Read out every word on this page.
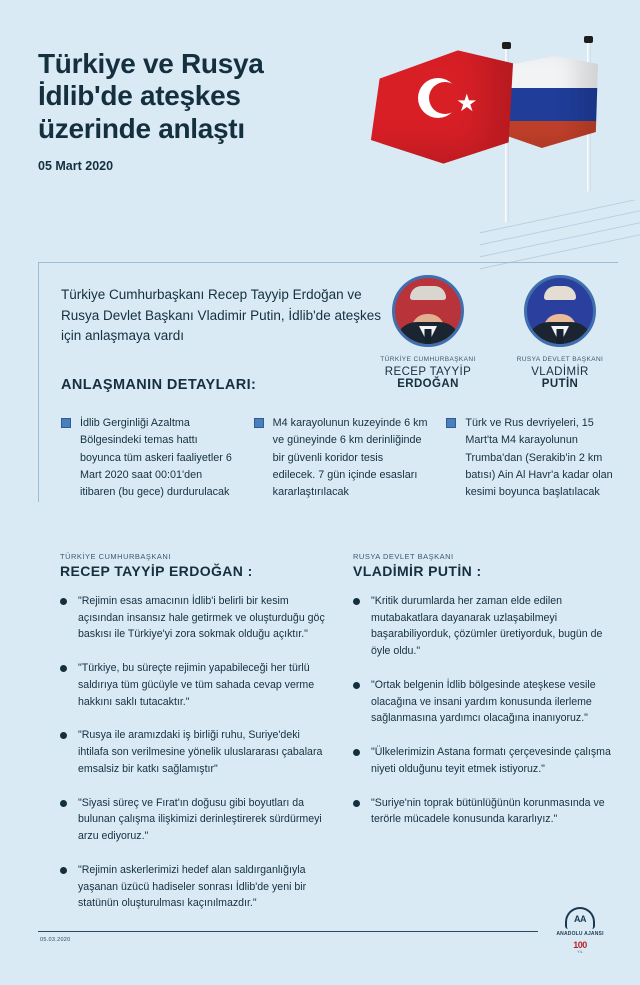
Türkiye ve Rusya
İdlib'de ateşkes
üzerinde anlaştı
05 Mart 2020
Türkiye Cumhurbaşkanı Recep Tayyip Erdoğan ve Rusya Devlet Başkanı Vladimir Putin, İdlib'de ateşkes için anlaşmaya vardı
TÜRKİYE CUMHURBAŞKANI
RECEP TAYYİP
ERDOĞAN
RUSYA DEVLET BAŞKANI
VLADİMİR
PUTİN
ANLAŞMANIN DETAYLARI:
İdlib Gerginliği Azaltma Bölgesindeki temas hattı boyunca tüm askeri faaliyetler 6 Mart 2020 saat 00:01'den itibaren (bu gece) durdurulacak
M4 karayolunun kuzeyinde 6 km ve güneyinde 6 km derinliğinde bir güvenli koridor tesis edilecek. 7 gün içinde esasları kararlaştırılacak
Türk ve Rus devriyeleri, 15 Mart'ta M4 karayolunun Trumba'dan (Serakib'in 2 km batısı) Ain Al Havr'a kadar olan kesimi boyunca başlatılacak
TÜRKİYE CUMHURBAŞKANI
RECEP TAYYİP ERDOĞAN :
"Rejimin esas amacının İdlib'i belirli bir kesim açısından insansız hale getirmek ve oluşturduğu göç baskısı ile Türkiye'yi zora sokmak olduğu açıktır."
"Türkiye, bu süreçte rejimin yapabileceği her türlü saldırıya tüm gücüyle ve tüm sahada cevap verme hakkını saklı tutacaktır."
"Rusya ile aramızdaki iş birliği ruhu, Suriye'deki ihtilafa son verilmesine yönelik uluslararası çabalara emsalsiz bir katkı sağlamıştır"
"Siyasi süreç ve Fırat'ın doğusu gibi boyutları da bulunan çalışma ilişkimizi derinleştirerek sürdürmeyi arzu ediyoruz."
"Rejimin askerlerimizi hedef alan saldırganlığıyla yaşanan üzücü hadiseler sonrası İdlib'de yeni bir statünün oluşturulması kaçınılmazdır."
RUSYA DEVLET BAŞKANI
VLADİMİR PUTİN :
"Kritik durumlarda her zaman elde edilen mutabakatlara dayanarak uzlaşabilmeyi başarabiliyorduk, çözümler üretiyorduk, bugün de öyle oldu."
"Ortak belgenin İdlib bölgesinde ateşkese vesile olacağına ve insani yardım konusunda ilerleme sağlanmasına yardımcı olacağına inanıyoruz."
"Ülkelerimizin Astana formatı çerçevesinde çalışma niyeti olduğunu teyit etmek istiyoruz."
"Suriye'nin toprak bütünlüğünün korunmasında ve terörle mücadele konusunda kararlıyız."
05.03.2020
AA
ANADOLU AJANSI
100
YIL
